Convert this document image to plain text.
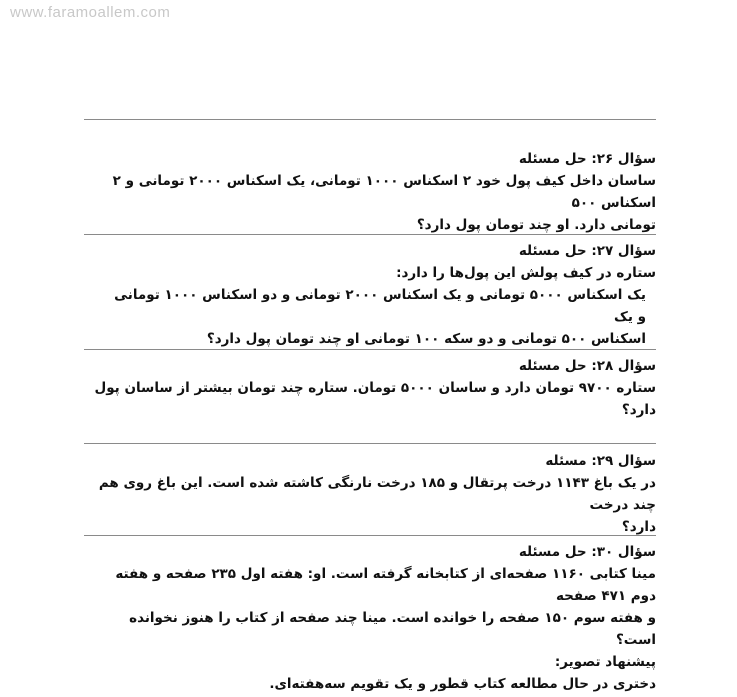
www.faramoallem.com

سؤال ۲۶: حل مسئله

ساسان داخل کیف پول خود ۲ اسکناس ۱۰۰۰ تومانی، یک اسکناس ۲۰۰۰ تومانی و ۲ اسکناس ۵۰۰

تومانی دارد. او چند تومان پول دارد؟

سؤال ۲۷: حل مسئله

ستاره در کیف پولش این پول‌ها را دارد:

یک اسکناس ۵۰۰۰ تومانی و یک اسکناس ۲۰۰۰ تومانی و دو اسکناس ۱۰۰۰ تومانی و یک

اسکناس ۵۰۰ تومانی و دو سکه ۱۰۰ تومانی او چند تومان پول دارد؟

سؤال ۲۸: حل مسئله

ستاره ۹۷۰۰ تومان دارد و ساسان ۵۰۰۰ تومان. ستاره چند تومان بیشتر از ساسان پول دارد؟

سؤال ۲۹: مسئله

در یک باغ ۱۱۴۳ درخت پرتقال و ۱۸۵ درخت نارنگی کاشته شده است. این باغ روی هم چند درخت

دارد؟

سؤال ۳۰: حل مسئله

مینا کتابی ۱۱۶۰ صفحه‌ای از کتابخانه گرفته است. او: هفته اول ۲۳۵ صفحه و هفته دوم ۴۷۱ صفحه

و هفته سوم ۱۵۰ صفحه را خوانده است. مینا چند صفحه از کتاب را هنوز نخوانده است؟

پیشنهاد تصویر:

دختری در حال مطالعه کتاب قطور و یک تقویم سه‌هفته‌ای.
